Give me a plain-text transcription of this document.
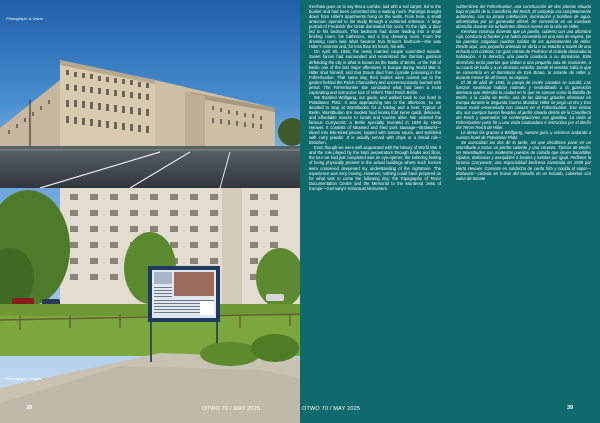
Photograph: A.Gavin
Photograph: Images
38	OTWO 70 / MAY 2025

Kershaw goes on to say that a corridor, laid with a red carpet, led to the bunker and had been converted into a waiting room. Paintings brought down from Hitler's apartments hung on the walls. From here, a small anteroom opened to his study through a curtained entrance. A large portrait of Frederick the Great dominated the room. To the right, a door led to his bedroom. This bedroom had doors leading into a small briefing room, his bathroom, and a tiny dressing room. From the dressing room was what became Eva Braun's bedroom—she was Hitler's mistress and, for less than 40 hours, his wife.

On April 30, 1945, the newly married couple committed suicide. Soviet forces had surrounded and neutralized the German garrison defending the city in what is known as the Battle of Berlin, or the Fall of Berlin one of the last major offensives in Europe during World War II. Hitler shot himself, and Eva Braun died from cyanide poisoning in the Führerbunker. That same day, their bodies were carried out to the garden behind the Reich Chancellery and unceremoniously burned with petrol. The Führerbunker site concluded what had been a most captivating and instructive tour of Hitler's Third Reich Berlin.

We thanked Wolfgang, our guide, and walked back to our hotel in Potsdamer Platz. It was approaching two in the afternoon, so we decided to stop at Wurstbuden for a hotdog and a beer. Typical of Berlin, Wurstbuden are modest food kiosks that serve quick, delicious, and affordable snacks to locals and tourists alike. We ordered the famous Currywurst; a Berlin specialty invented in 1949 by Herta Heuwer. It consists of steamed and fried pork sausage—Bratwurst—sliced into bite-sized pieces, topped with tomato sauce, and sprinkled with curry powder. It is usually served with chips or a bread roll—Brötchen.

Even though we were well acquainted with the history of World War II and the role played by the Nazi perpetrators through books and films, the tour we had just completed was an eye-opener; the sobering feeling of being physically present in the actual buildings where such horrors were conceived deepened my understanding of the nightmare. The experience was very moving. However, nothing could have prepared us for what was to come the following day: the Topography of Terror Documentation Centre and the Memorial to the Murdered Jews of Europe—Germany's Holocaust Monument.

subterráneo del Führerbunker, una construcción de dos plantas situada bajo el jardín de la Cancillería del Reich. El complejo era completamente autónomo, con su propia calefacción, iluminación y bombeo de agua, alimentados por un generador diésel. Se convertiría en un inusitado domicilio durante los turbulentos últimos meses de la vida de Hitler.

Kershaw continúa diciendo que un pasillo, cubierto con una alfombra roja, conducía al búnker y se había convertido en una sala de espera. De las paredes colgaban cuadros traídos de los apartamentos de Hitler. Desde aquí, una pequeña antesala se abría a su estudio a través de una entrada con cortinas. Un gran retrato de Federico el Grande dominaba la habitación. A la derecha, una puerta conducía a su dormitorio. Este dormitorio tenía puertas que daban a una pequeña sala de reuniones, a su cuarto de baño y a un diminuto vestidor. Desde el vestidor salía lo que se convertiría en el dormitorio de Eva Braun, la amante de Hitler y, durante menos de 40 horas, su esposa.

El 30 de abril de 1945, la pareja de recién casados se suicidó. Las fuerzas soviéticas habían rodeado y neutralizado a la guarnición alemana que defendía la ciudad en lo que se conoce como la Batalla de Berlín, o la Caída de Berlín, una de las últimas grandes ofensivas en Europa durante la Segunda Guerra Mundial. Hitler se pegó un tiro y Eva Braun murió envenenada con cianuro en el Führerbunker. Ese mismo día, sus cuerpos fueron llevados al jardín situado detrás de la Cancillería del Reich y quemados sin contemplaciones con gasolina. La visita al Führerbunker puso fin a una visita cautivadora e instructiva por el Berlín del Tercer Reich de Hitler.

Le dimos las gracias a Wolfgang, nuestro guía, y volvimos andando a nuestro hotel de Potsdamer Platz.

Se acercaban las dos de la tarde, así que decidimos parar en un Wurstbude a tomar un perrito caliente y una cerveza. Típicos de Berlín, los Wurstbuden son modestos puestos de comida que sirven bocadillos rápidos, deliciosos y asequibles a locales y turistas por igual. Pedimos la famosa Currywurst, una especialidad berlinesa inventada en 1949 por Herta Heuwer. Consiste en salchicha de cerdo frita y cocida al vapor—Bratwurst—cortada en trozos del tamaño de un bocado, cubiertas con salsa de tomate

OTWO 70 / MAY 2025	39
